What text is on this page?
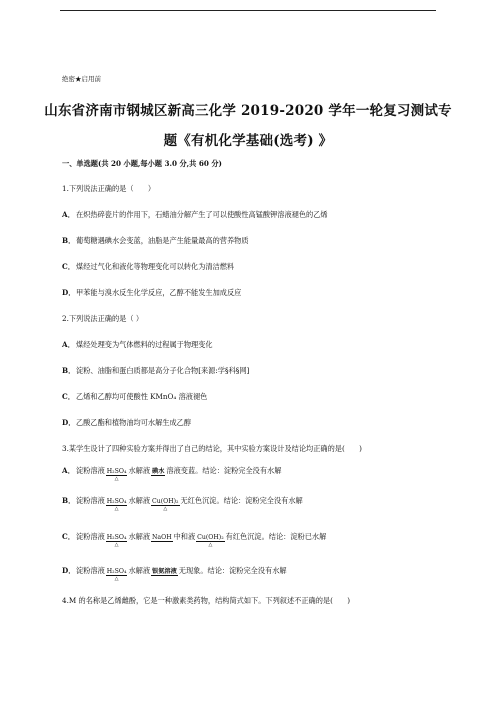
绝密★启用前
山东省济南市钢城区新高三化学 2019-2020 学年一轮复习测试专
题《有机化学基础(选考) 》
一、单选题(共 20 小题,每小题 3.0 分,共 60 分)
1.下列说法正确的是（　　）
A．在炽热碎瓷片的作用下，石蜡油分解产生了可以使酸性高锰酸钾溶液褪色的乙烯
B．葡萄糖遇碘水会变蓝，油脂是产生能量最高的营养物质
C．煤经过气化和液化等物理变化可以转化为清洁燃料
D．甲苯能与溴水反生化学反应，乙醇不能发生加成反应
2.下列说法正确的是（ ）
A．煤经处理变为气体燃料的过程属于物理变化
B．淀粉、油脂和蛋白质都是高分子化合物[来源:学§科§网]
C．乙烯和乙醇均可使酸性 KMnO₄ 溶液褪色
D．乙酸乙酯和植物油均可水解生成乙醇
3.某学生设计了四种实验方案并得出了自己的结论，其中实验方案设计及结论均正确的是(　　)
A．淀粉溶液 H₂SO₄
△
水解液 碘水 溶液变蓝。结论：淀粉完全没有水解
B．淀粉溶液 H₂SO₄
△
水解液 Cu(OH)₂
△
无红色沉淀。结论：淀粉完全没有水解
C．淀粉溶液 H₂SO₄
△
水解液 NaOH 中和液 Cu(OH)₂
△
有红色沉淀。结论：淀粉已水解
D．淀粉溶液 H₂SO₄
△
水解液 银氨溶液 无现象。结论：淀粉完全没有水解
4.M 的名称是乙烯雌酚，它是一种激素类药物，结构简式如下。下列叙述不正确的是(　　)
